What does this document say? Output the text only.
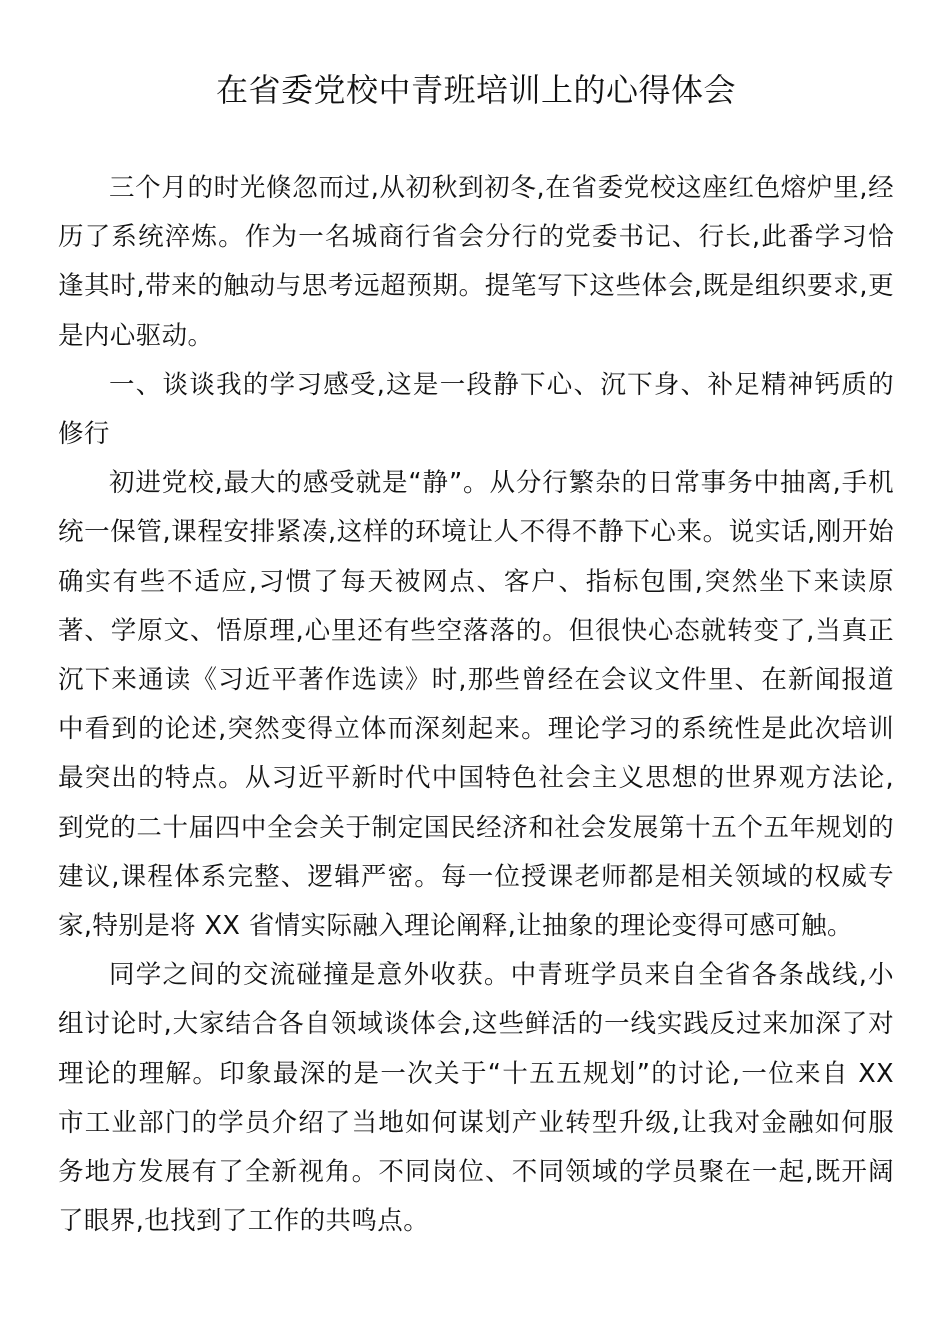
在省委党校中青班培训上的心得体会

三个月的时光倏忽而过,从初秋到初冬,在省委党校这座红色熔炉里,经历了系统淬炼。作为一名城商行省会分行的党委书记、行长,此番学习恰逢其时,带来的触动与思考远超预期。提笔写下这些体会,既是组织要求,更是内心驱动。

一、谈谈我的学习感受,这是一段静下心、沉下身、补足精神钙质的修行

初进党校,最大的感受就是“静”。从分行繁杂的日常事务中抽离,手机统一保管,课程安排紧凑,这样的环境让人不得不静下心来。说实话,刚开始确实有些不适应,习惯了每天被网点、客户、指标包围,突然坐下来读原著、学原文、悟原理,心里还有些空落落的。但很快心态就转变了,当真正沉下来通读《习近平著作选读》时,那些曾经在会议文件里、在新闻报道中看到的论述,突然变得立体而深刻起来。理论学习的系统性是此次培训最突出的特点。从习近平新时代中国特色社会主义思想的世界观方法论,到党的二十届四中全会关于制定国民经济和社会发展第十五个五年规划的建议,课程体系完整、逻辑严密。每一位授课老师都是相关领域的权威专家,特别是将 XX 省情实际融入理论阐释,让抽象的理论变得可感可触。

同学之间的交流碰撞是意外收获。中青班学员来自全省各条战线,小组讨论时,大家结合各自领域谈体会,这些鲜活的一线实践反过来加深了对理论的理解。印象最深的是一次关于“十五五规划”的讨论,一位来自 XX 市工业部门的学员介绍了当地如何谋划产业转型升级,让我对金融如何服务地方发展有了全新视角。不同岗位、不同领域的学员聚在一起,既开阔了眼界,也找到了工作的共鸣点。
